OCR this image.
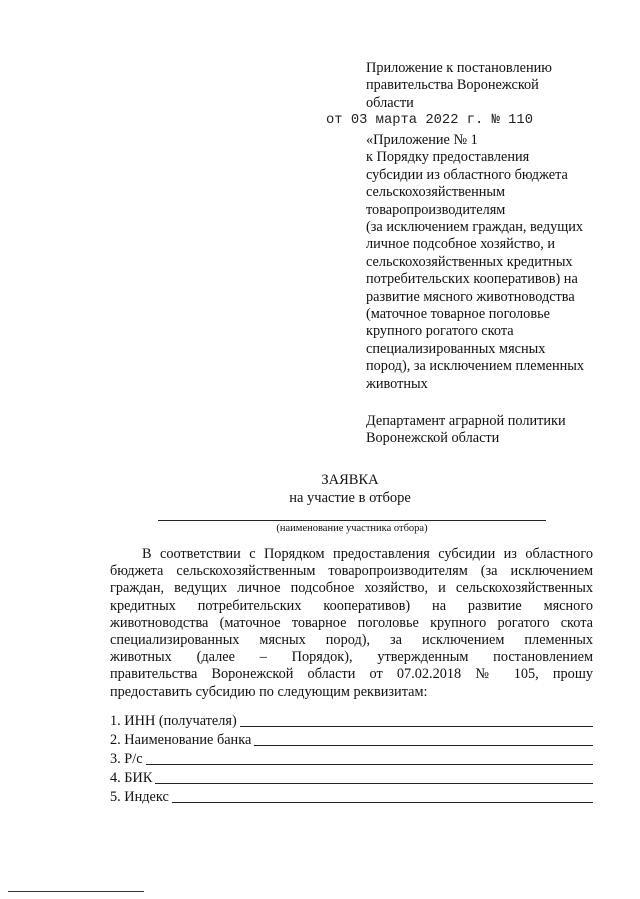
Приложение к постановлению
правительства Воронежской
области
от 03 марта 2022 г. № 110
«Приложение № 1
к Порядку предоставления
субсидии из областного бюджета
сельскохозяйственным
товаропроизводителям
(за исключением граждан, ведущих
личное подсобное хозяйство, и
сельскохозяйственных кредитных
потребительских кооперативов) на
развитие мясного животноводства
(маточное товарное поголовье
крупного рогатого скота
специализированных мясных
пород), за исключением племенных
животных
Департамент аграрной политики
Воронежской области
ЗАЯВКА
на участие в отборе
(наименование участника отбора)
В соответствии с Порядком предоставления субсидии из областного
бюджета сельскохозяйственным товаропроизводителям (за исключением
граждан, ведущих личное подсобное хозяйство, и сельскохозяйственных
кредитных потребительских кооперативов) на развитие мясного
животноводства (маточное товарное поголовье крупного рогатого скота
специализированных мясных пород), за исключением племенных
животных (далее – Порядок), утвержденным постановлением
правительства Воронежской области от 07.02.2018 № 105, прошу
предоставить субсидию по следующим реквизитам:
1. ИНН (получателя)
2. Наименование банка
3. Р/с
4. БИК
5. Индекс
